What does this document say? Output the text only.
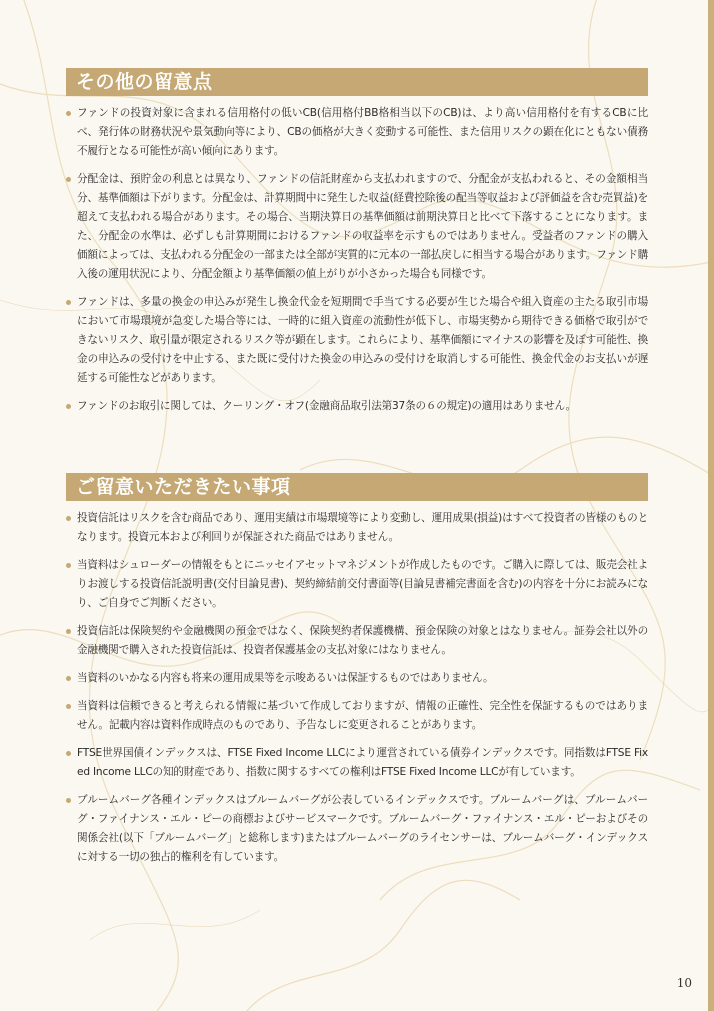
その他の留意点
ファンドの投資対象に含まれる信用格付の低いCB(信用格付BB格相当以下のCB)は、より高い信用格付を有するCBに比べ、発行体の財務状況や景気動向等により、CBの価格が大きく変動する可能性、また信用リスクの顕在化にともない債務不履行となる可能性が高い傾向にあります。
分配金は、預貯金の利息とは異なり、ファンドの信託財産から支払われますので、分配金が支払われると、その金額相当分、基準価額は下がります。分配金は、計算期間中に発生した収益(経費控除後の配当等収益および評価益を含む売買益)を超えて支払われる場合があります。その場合、当期決算日の基準価額は前期決算日と比べて下落することになります。また、分配金の水準は、必ずしも計算期間におけるファンドの収益率を示すものではありません。受益者のファンドの購入価額によっては、支払われる分配金の一部または全部が実質的に元本の一部払戻しに相当する場合があります。ファンド購入後の運用状況により、分配金額より基準価額の値上がりが小さかった場合も同様です。
ファンドは、多量の換金の申込みが発生し換金代金を短期間で手当てする必要が生じた場合や組入資産の主たる取引市場において市場環境が急変した場合等には、一時的に組入資産の流動性が低下し、市場実勢から期待できる価格で取引ができないリスク、取引量が限定されるリスク等が顕在します。これらにより、基準価額にマイナスの影響を及ぼす可能性、換金の申込みの受付けを中止する、また既に受付けた換金の申込みの受付けを取消しする可能性、換金代金のお支払いが遅延する可能性などがあります。
ファンドのお取引に関しては、クーリング・オフ(金融商品取引法第37条の６の規定)の適用はありません。
ご留意いただきたい事項
投資信託はリスクを含む商品であり、運用実績は市場環境等により変動し、運用成果(損益)はすべて投資者の皆様のものとなります。投資元本および利回りが保証された商品ではありません。
当資料はシュローダーの情報をもとにニッセイアセットマネジメントが作成したものです。ご購入に際しては、販売会社よりお渡しする投資信託説明書(交付目論見書)、契約締結前交付書面等(目論見書補完書面を含む)の内容を十分にお読みになり、ご自身でご判断ください。
投資信託は保険契約や金融機関の預金ではなく、保険契約者保護機構、預金保険の対象とはなりません。証券会社以外の金融機関で購入された投資信託は、投資者保護基金の支払対象にはなりません。
当資料のいかなる内容も将来の運用成果等を示唆あるいは保証するものではありません。
当資料は信頼できると考えられる情報に基づいて作成しておりますが、情報の正確性、完全性を保証するものではありません。記載内容は資料作成時点のものであり、予告なしに変更されることがあります。
FTSE世界国債インデックスは、FTSE Fixed Income LLCにより運営されている債券インデックスです。同指数はFTSE Fixed Income LLCの知的財産であり、指数に関するすべての権利はFTSE Fixed Income LLCが有しています。
ブルームバーグ各種インデックスはブルームバーグが公表しているインデックスです。ブルームバーグは、ブルームバーグ・ファイナンス・エル・ピーの商標およびサービスマークです。ブルームバーグ・ファイナンス・エル・ピーおよびその関係会社(以下「ブルームバーグ」と総称します)またはブルームバーグのライセンサーは、ブルームバーグ・インデックスに対する一切の独占的権利を有しています。
10
